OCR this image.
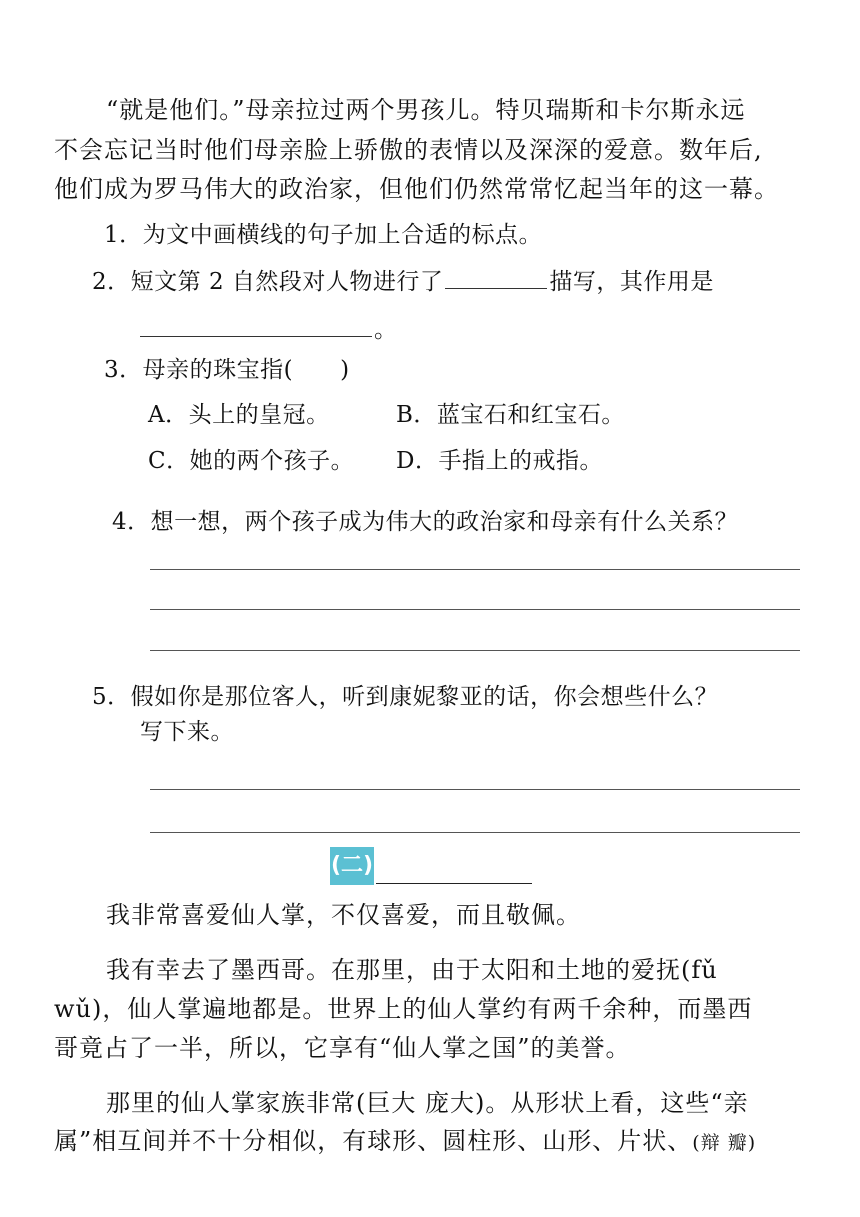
“就是他们。”母亲拉过两个男孩儿。特贝瑞斯和卡尔斯永远
不会忘记当时他们母亲脸上骄傲的表情以及深深的爱意。数年后,
他们成为罗马伟大的政治家，但他们仍然常常忆起当年的这一幕。
1．为文中画横线的句子加上合适的标点。
2．短文第 2 自然段对人物进行了	描写，其作用是
。
3．母亲的珠宝指(　　)
A．头上的皇冠。	B．蓝宝石和红宝石。
C．她的两个孩子。 D．手指上的戒指。
4．想一想，两个孩子成为伟大的政治家和母亲有什么关系？
5．假如你是那位客人，听到康妮黎亚的话，你会想些什么？
写下来。
(二)
我非常喜爱仙人掌，不仅喜爱，而且敬佩。
我有幸去了墨西哥。在那里，由于太阳和土地的爱抚(fǔ
wǔ)，仙人掌遍地都是。世界上的仙人掌约有两千余种，而墨西
哥竟占了一半，所以，它享有“仙人掌之国”的美誉。
那里的仙人掌家族非常(巨大 庞大)。从形状上看，这些“亲
属”相互间并不十分相似，有球形、圆柱形、山形、片状、(辩 瓣)
